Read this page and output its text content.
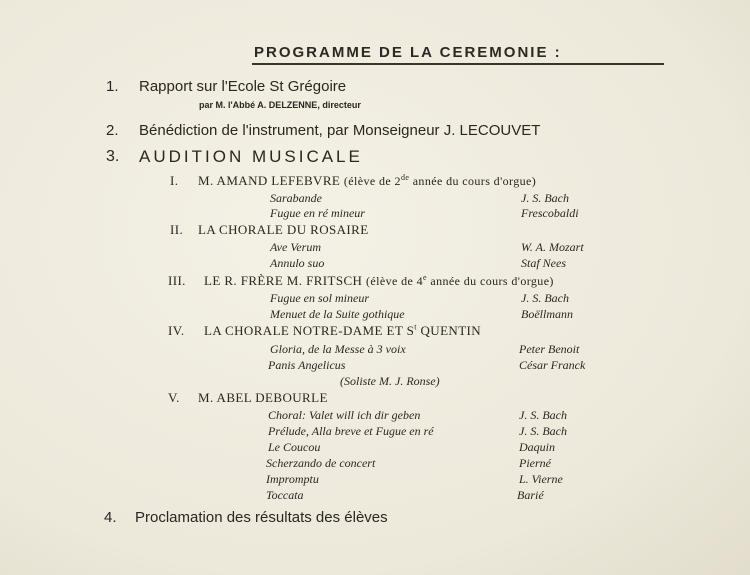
PROGRAMME DE LA CEREMONIE :
1. Rapport sur l'Ecole St Grégoire
par M. l'Abbé A. DELZENNE, directeur
2. Bénédiction de l'instrument, par Monseigneur J. LECOUVET
3. AUDITION MUSICALE
I. M. AMAND LEFEBVRE (élève de 2de année du cours d'orgue)
Sarabande	J. S. Bach
Fugue en ré mineur	Frescobaldi
II. LA CHORALE DU ROSAIRE
Ave Verum	W. A. Mozart
Annulo suo	Staf Nees
III. LE R. FRÈRE M. FRITSCH (élève de 4e année du cours d'orgue)
Fugue en sol mineur	J. S. Bach
Menuet de la Suite gothique	Boëllmann
IV. LA CHORALE NOTRE-DAME ET $S^t$ QUENTIN
Gloria, de la Messe à 3 voix	Peter Benoit
Panis Angelicus	César Franck
(Soliste M. J. Ronse)
V. M. ABEL DEBOURLE
Choral: Valet will ich dir geben	J. S. Bach
Prélude, Alla breve et Fugue en ré	J. S. Bach
Le Coucou	Daquin
Scherzando de concert	Pierné
Impromptu	L. Vierne
Toccata	Barié
4. Proclamation des résultats des élèves
